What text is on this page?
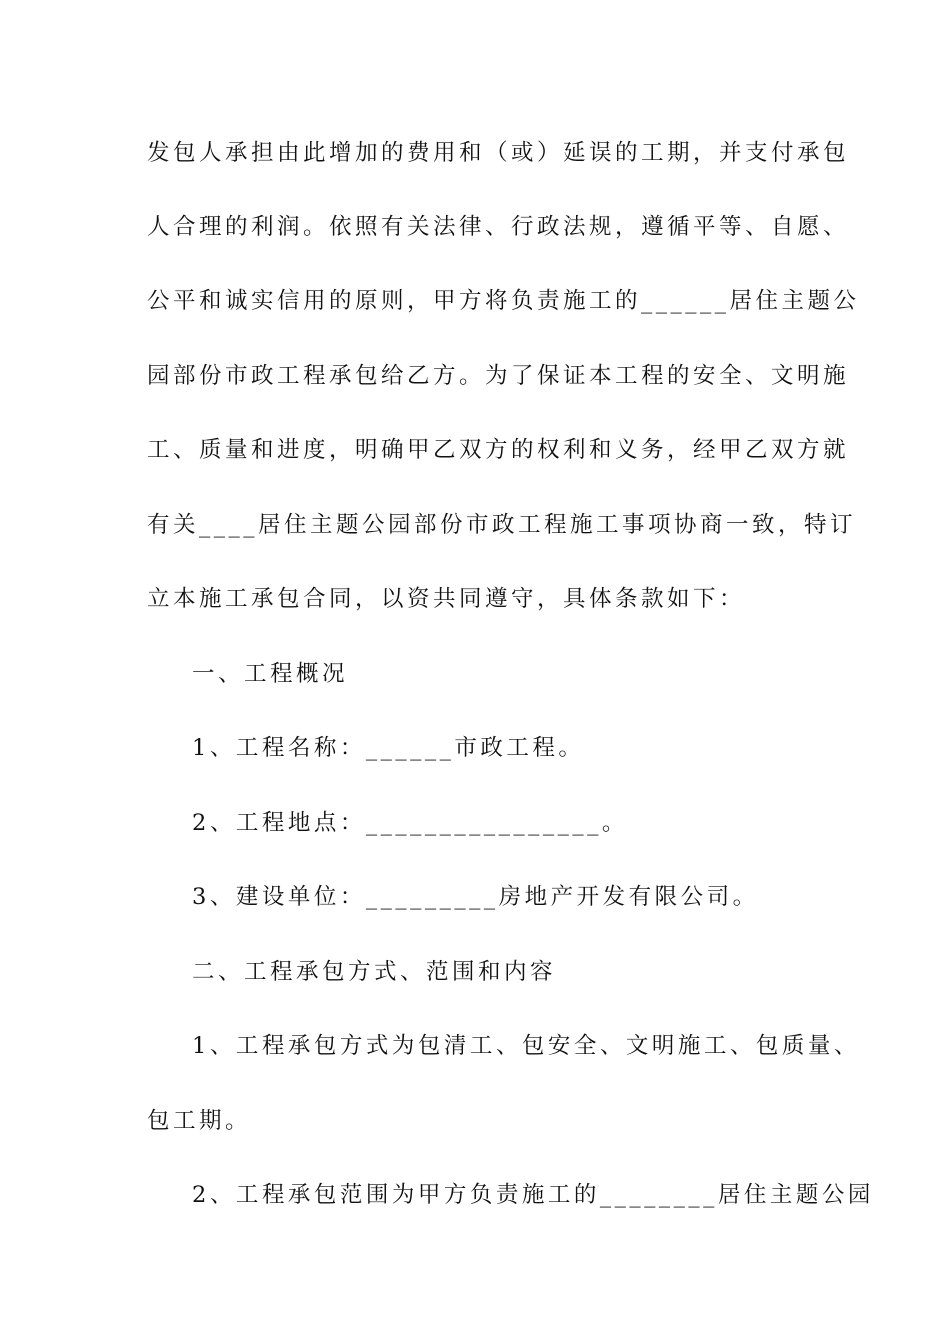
发包人承担由此增加的费用和（或）延误的工期，并支付承包
人合理的利润。依照有关法律、行政法规，遵循平等、自愿、
公平和诚实信用的原则，甲方将负责施工的______居住主题公
园部份市政工程承包给乙方。为了保证本工程的安全、文明施
工、质量和进度，明确甲乙双方的权利和义务，经甲乙双方就
有关____居住主题公园部份市政工程施工事项协商一致，特订
立本施工承包合同，以资共同遵守，具体条款如下：
一、工程概况
1、工程名称：______市政工程。
2、工程地点：________________。
3、建设单位：_________房地产开发有限公司。
二、工程承包方式、范围和内容
1、工程承包方式为包清工、包安全、文明施工、包质量、
包工期。
2、工程承包范围为甲方负责施工的________居住主题公园
